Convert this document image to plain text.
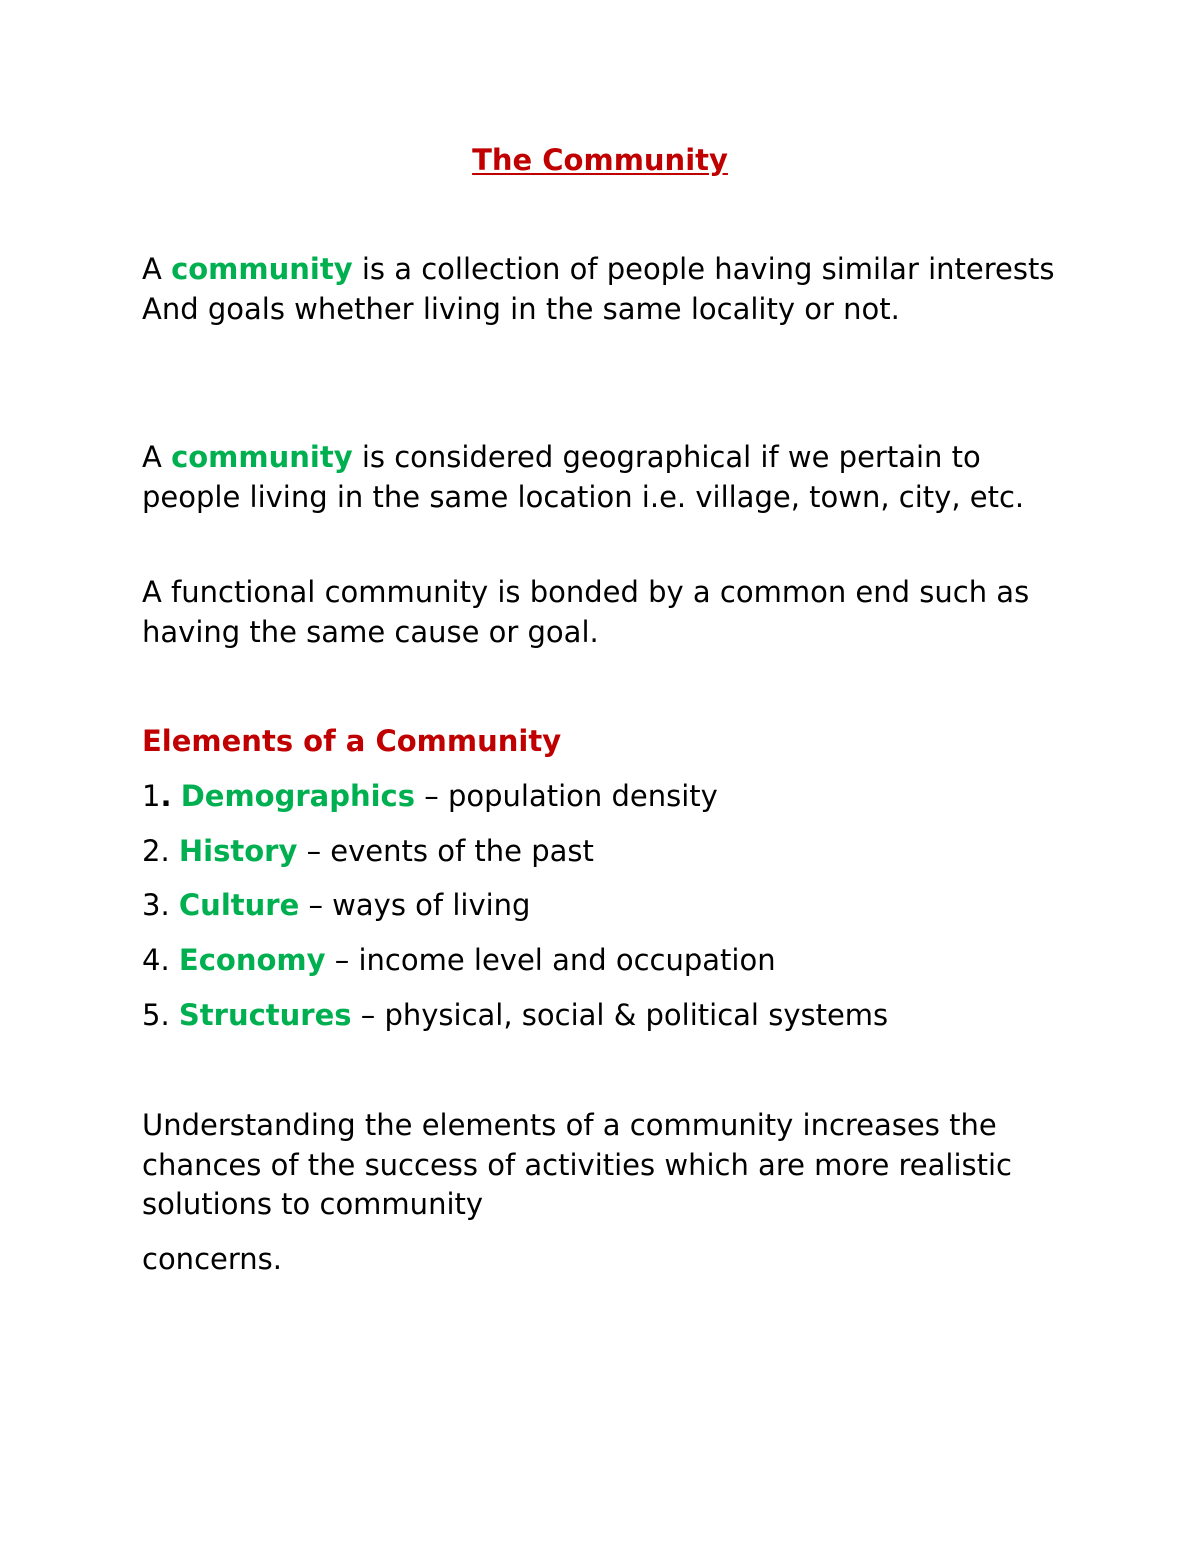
The Community

A community is a collection of people having similar interests And goals whether living in the same locality or not.

A community is considered geographical if we pertain to people living in the same location i.e. village, town, city, etc.

A functional community is bonded by a common end such as having the same cause or goal.

Elements of a Community

1. Demographics – population density

2. History – events of the past

3. Culture – ways of living

4. Economy – income level and occupation

5. Structures – physical, social & political systems

Understanding the elements of a community increases the chances of the success of activities which are more realistic solutions to community

concerns.
